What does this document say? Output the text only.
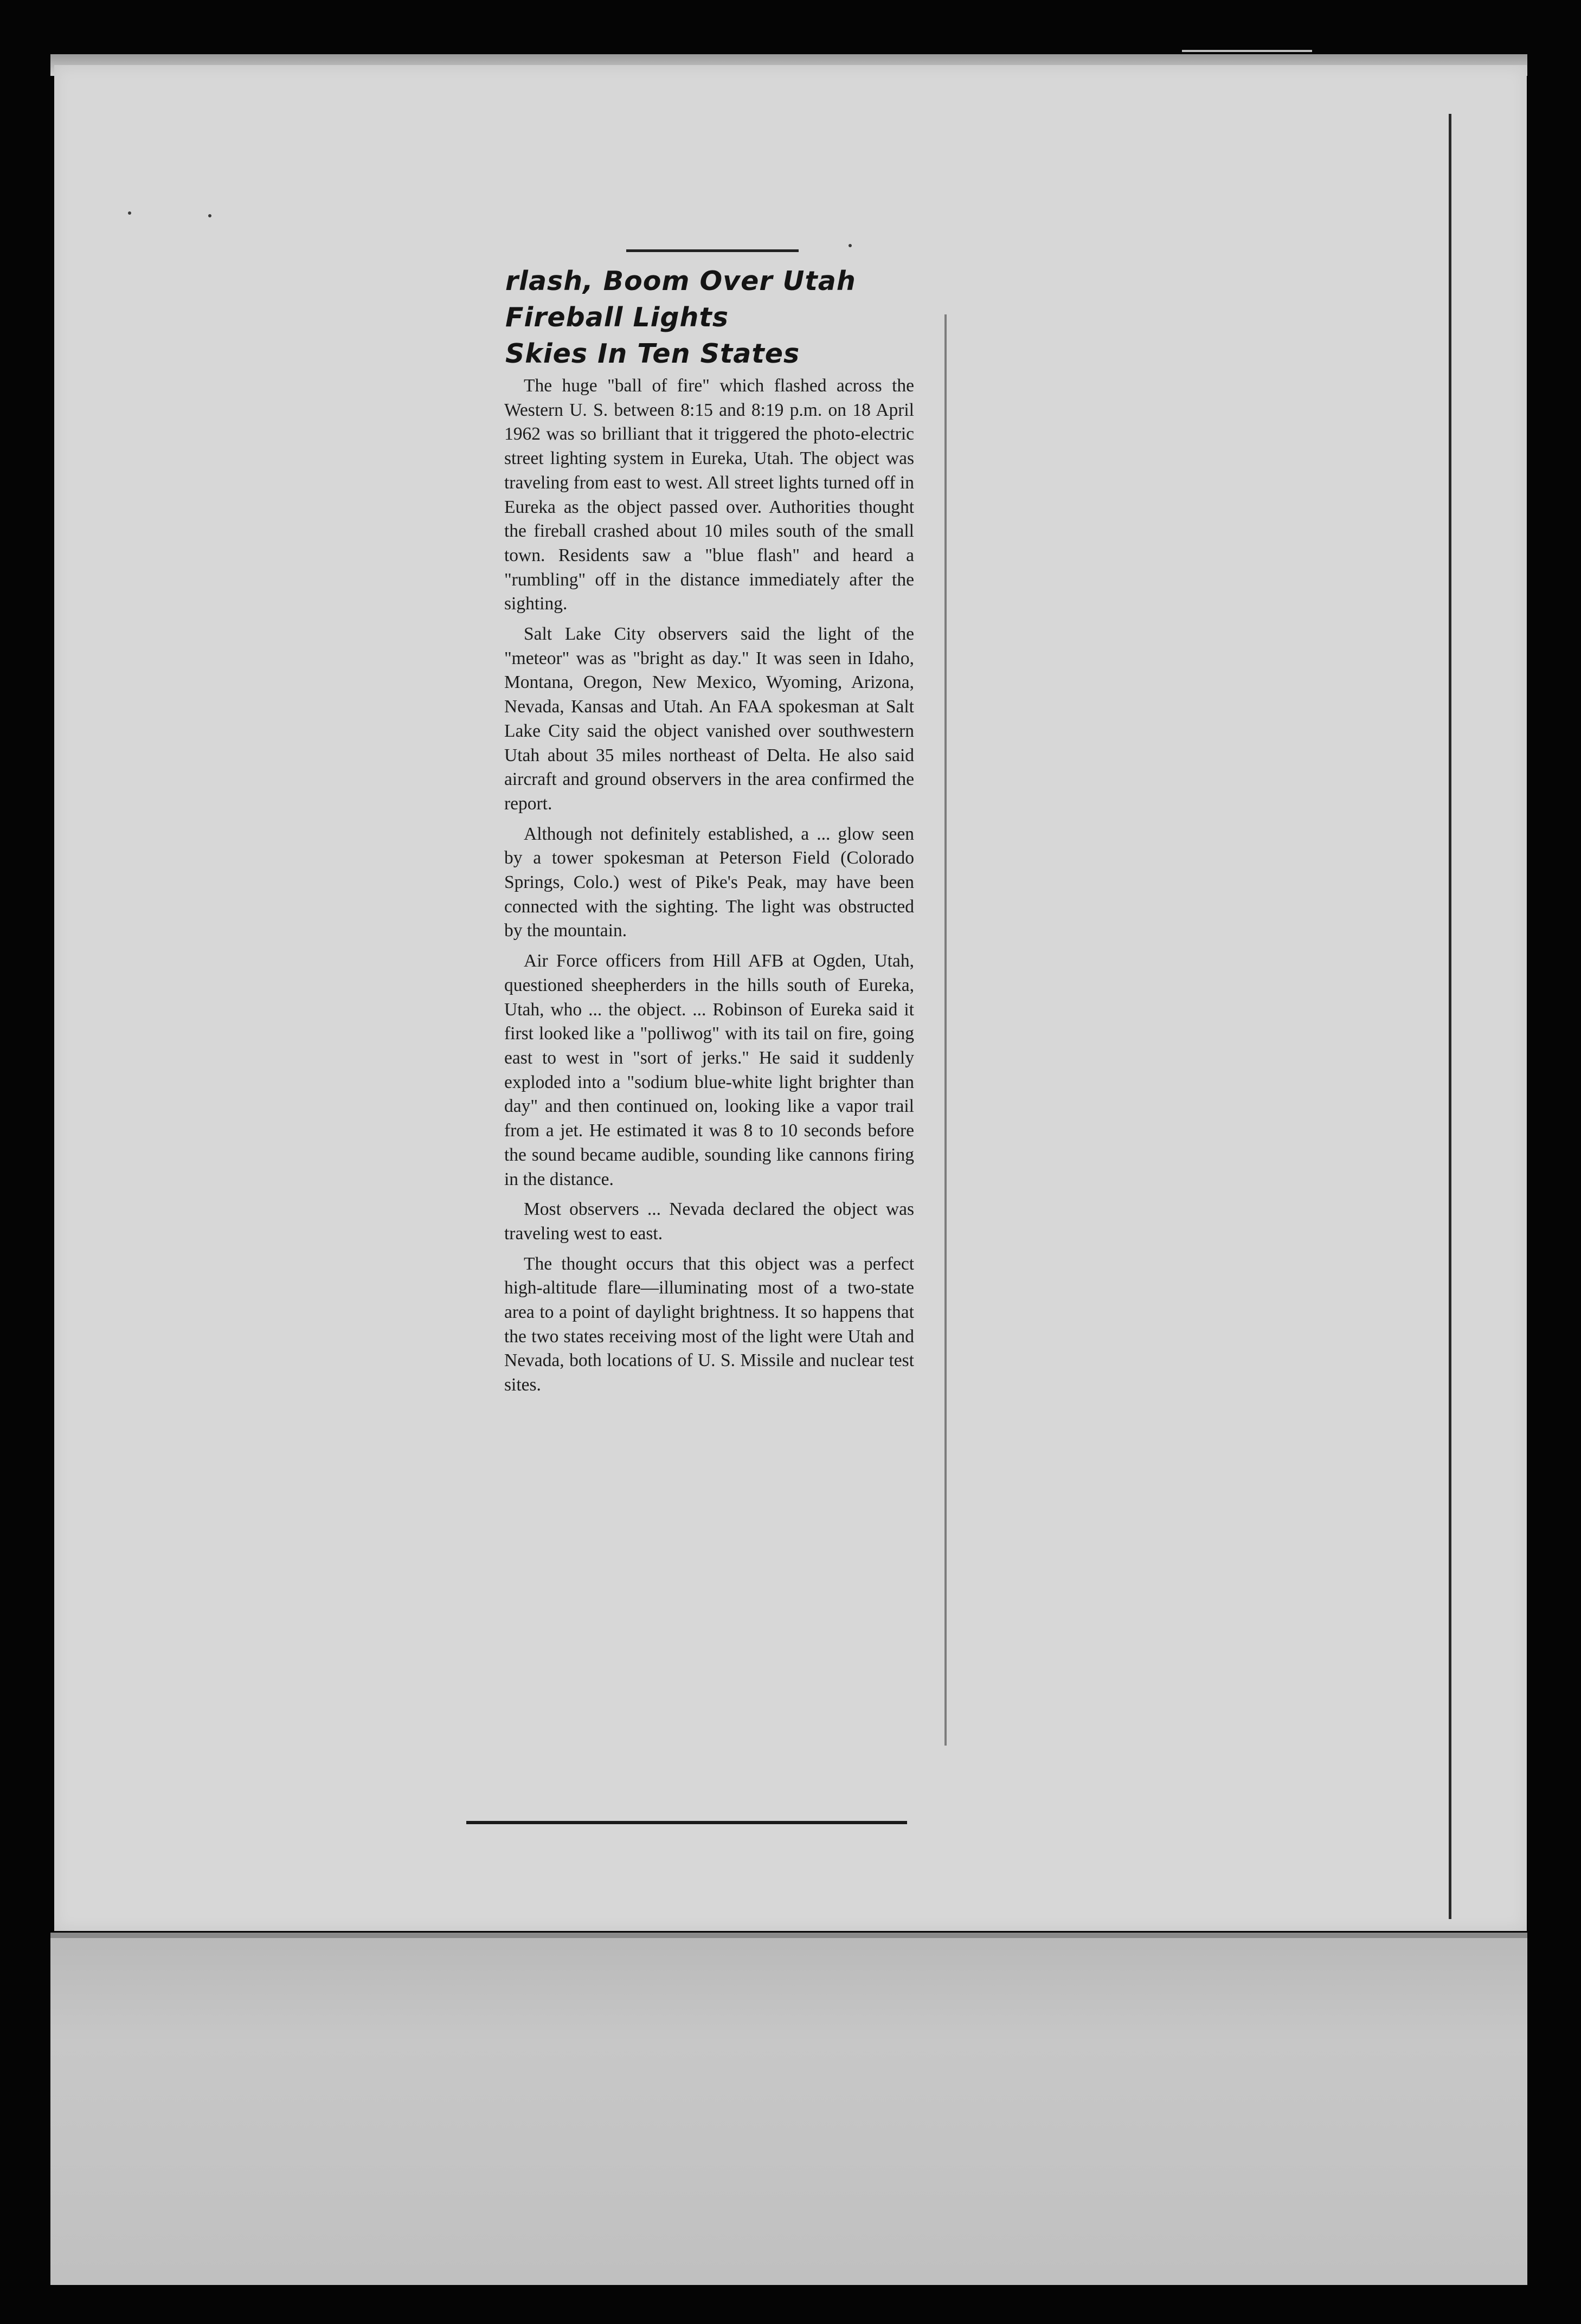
rlash, Boom Over Utah
Fireball Lights
Skies In Ten States

The huge "ball of fire" which flashed across the Western U. S. between 8:15 and 8:19 p.m. on 18 April 1962 was so brilliant that it triggered the photo-electric street lighting system in Eureka, Utah. The object was traveling from east to west. All street lights turned off in Eureka as the object passed over. Authorities thought the fireball crashed about 10 miles south of the small town. Residents saw a "blue flash" and heard a "rumbling" off in the distance immediately after the sighting.

Salt Lake City observers said the light of the "meteor" was as "bright as day." It was seen in Idaho, Montana, Oregon, New Mexico, Wyoming, Arizona, Nevada, Kansas and Utah. An FAA spokesman at Salt Lake City said the object vanished over southwestern Utah about 35 miles northeast of Delta. He also said aircraft and ground observers in the area confirmed the report.

Although not definitely established, a ... glow seen by a tower spokesman at Peterson Field (Colorado Springs, Colo.) west of Pike's Peak, may have been connected with the sighting. The light was obstructed by the mountain.

Air Force officers from Hill AFB at Ogden, Utah, questioned sheepherders in the hills south of Eureka, Utah, who ... the object. ... Robinson of Eureka said it first looked like a "polliwog" with its tail on fire, going east to west in "sort of jerks." He said it suddenly exploded into a "sodium blue-white light brighter than day" and then continued on, looking like a vapor trail from a jet. He estimated it was 8 to 10 seconds before the sound became audible, sounding like cannons firing in the distance.

Most observers ... Nevada declared the object was traveling west to east.

The thought occurs that this object was a perfect high-altitude flare—illuminating most of a two-state area to a point of daylight brightness. It so happens that the two states receiving most of the light were Utah and Nevada, both locations of U. S. Missile and nuclear test sites.
